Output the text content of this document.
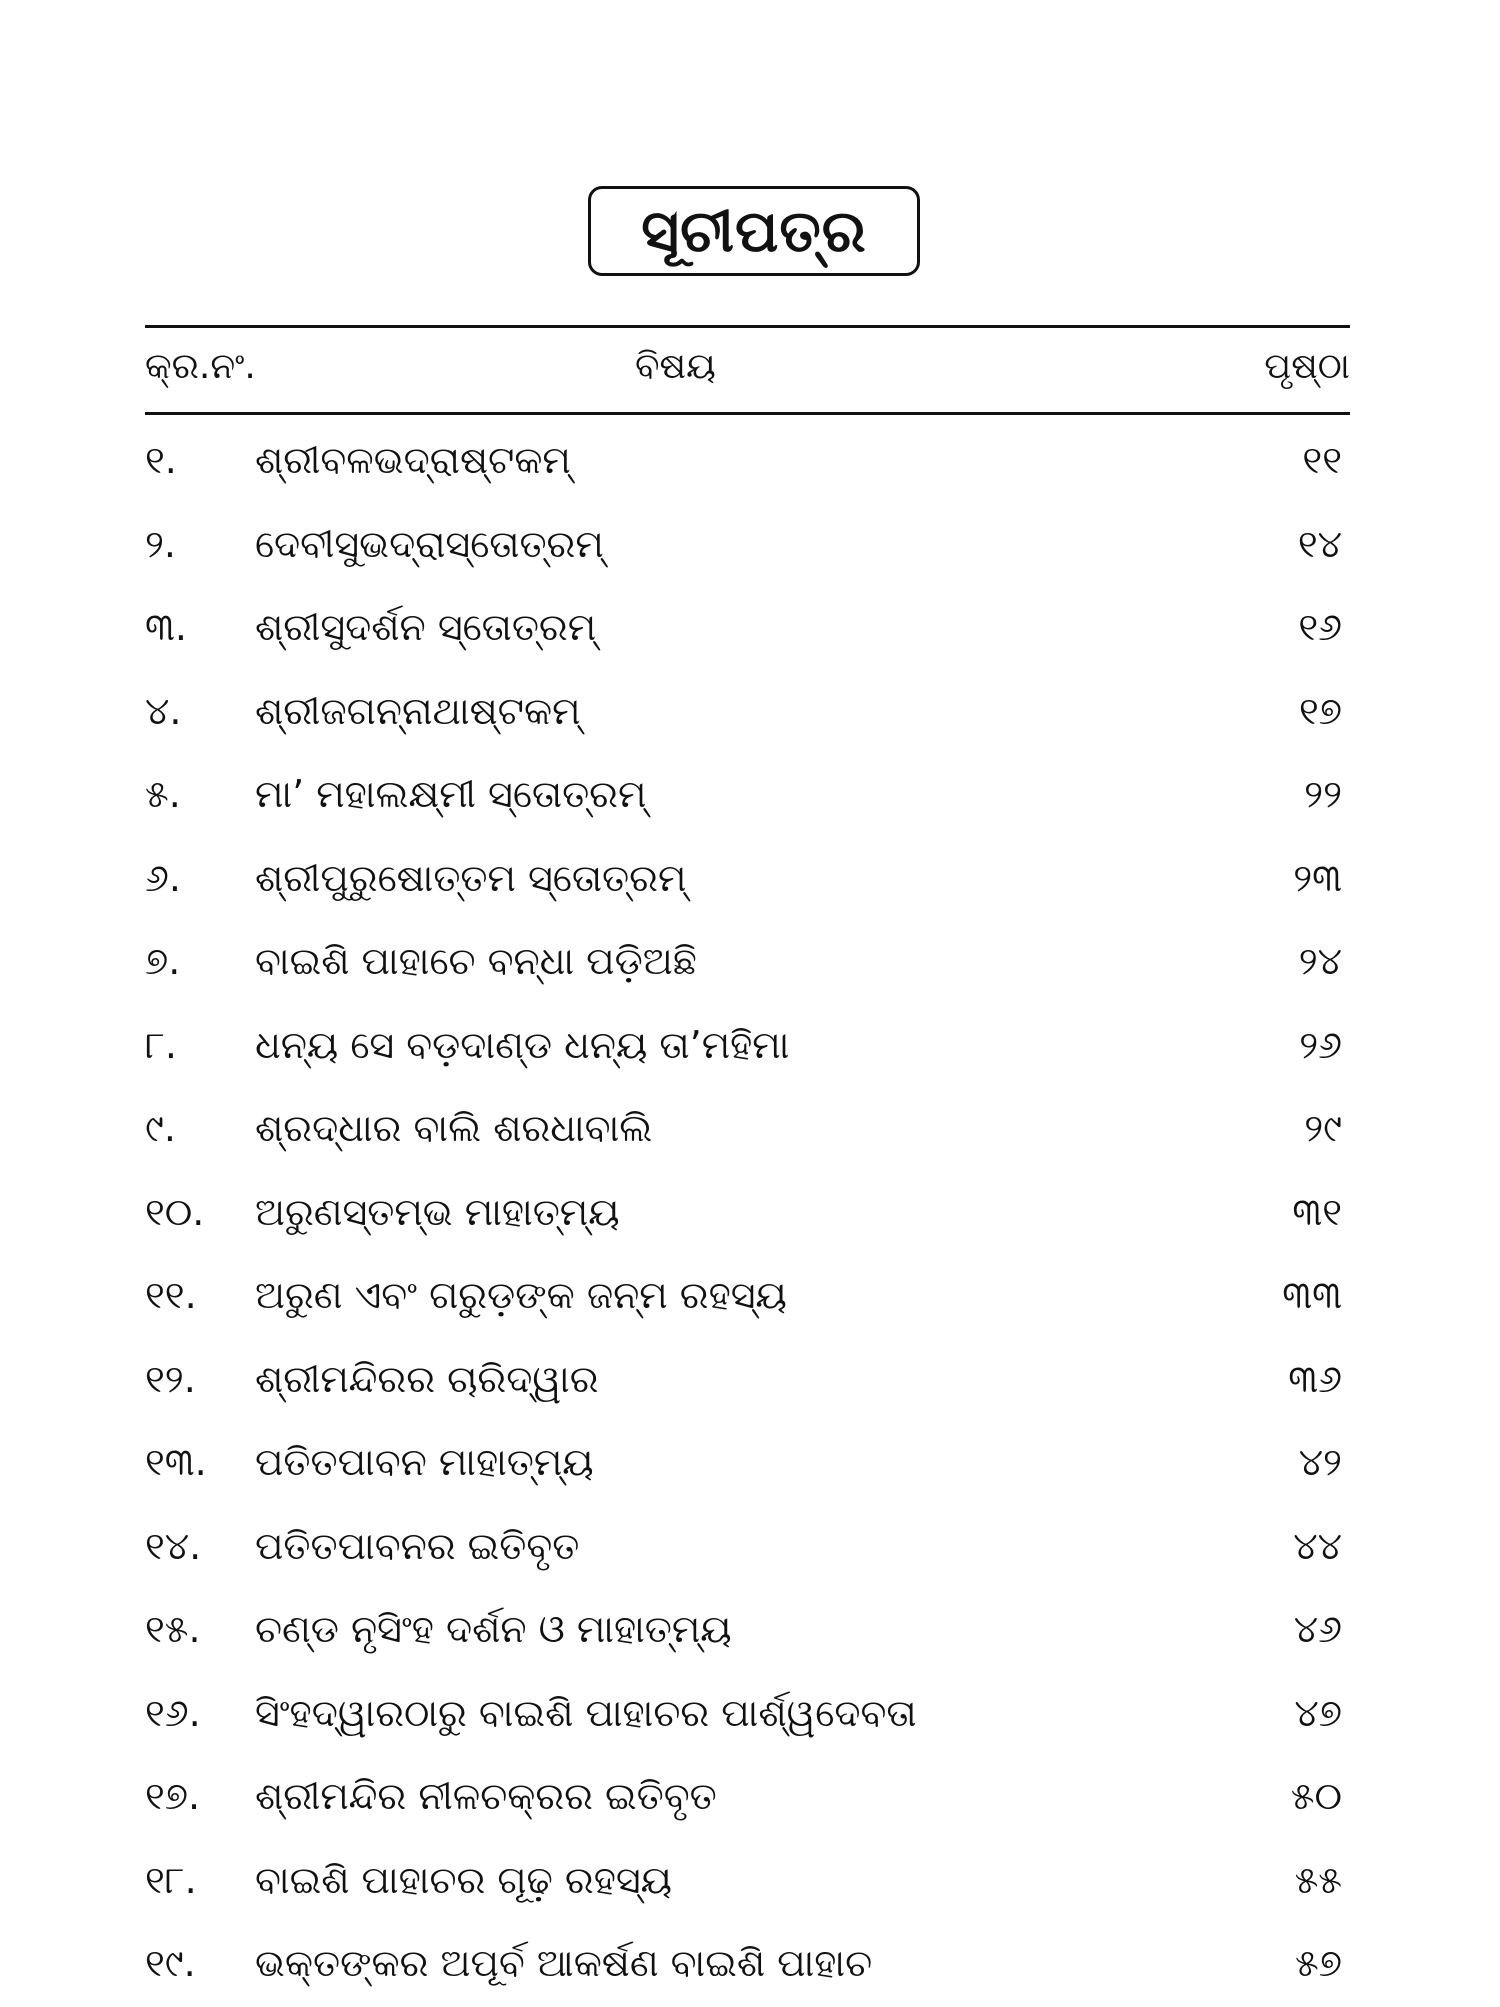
ସୂଚୀପତ୍ର
କ୍ର.ନଂ.	ବିଷୟ	ପୃଷ୍ଠା
୧. ଶ୍ରୀବଳଭଦ୍ରାଷ୍ଟକମ୍	୧୧
୨. ଦେବୀସୁଭଦ୍ରାସ୍ତୋତ୍ରମ୍	୧୪
୩. ଶ୍ରୀସୁଦର୍ଶନ ସ୍ତୋତ୍ରମ୍	୧୬
୪. ଶ୍ରୀଜଗନ୍ନାଥାଷ୍ଟକମ୍	୧୭
୫. ମା’ ମହାଲକ୍ଷ୍ମୀ ସ୍ତୋତ୍ରମ୍	୨୨
୬. ଶ୍ରୀପୁରୁଷୋତ୍ତମ ସ୍ତୋତ୍ରମ୍	୨୩
୭. ବାଇଶି ପାହାଚେ ବନ୍ଧା ପଡ଼ିଅଛି	୨୪
୮. ଧନ୍ୟ ସେ ବଡ଼ଦାଣ୍ଡ ଧନ୍ୟ ତା’ମହିମା	୨୬
୯. ଶ୍ରଦ୍ଧାର ବାଲି ଶରଧାବାଲି	୨୯
୧୦. ଅରୁଣସ୍ତମ୍ଭ ମାହାତ୍ମ୍ୟ	୩୧
୧୧. ଅରୁଣ ଏବଂ ଗରୁଡ଼ଙ୍କ ଜନ୍ମ ରହସ୍ୟ	୩୩
୧୨. ଶ୍ରୀମନ୍ଦିରର ଚାରିଦ୍ୱାର	୩୬
୧୩. ପତିତପାବନ ମାହାତ୍ମ୍ୟ	୪୨
୧୪. ପତିତପାବନର ଇତିବୃତ	୪୪
୧୫. ଚଣ୍ଡ ନୃସିଂହ ଦର୍ଶନ ଓ ମାହାତ୍ମ୍ୟ	୪୬
୧୬. ସିଂହଦ୍ୱାରଠାରୁ ବାଇଶି ପାହାଚର ପାର୍ଶ୍ୱଦେବତା	୪୭
୧୭. ଶ୍ରୀମନ୍ଦିର ନୀଳଚକ୍ରର ଇତିବୃତ	୫୦
୧୮. ବାଇଶି ପାହାଚର ଗୂଢ଼ ରହସ୍ୟ	୫୫
୧୯. ଭକ୍ତଙ୍କର ଅପୂର୍ବ ଆକର୍ଷଣ ବାଇଶି ପାହାଚ	୫୭
